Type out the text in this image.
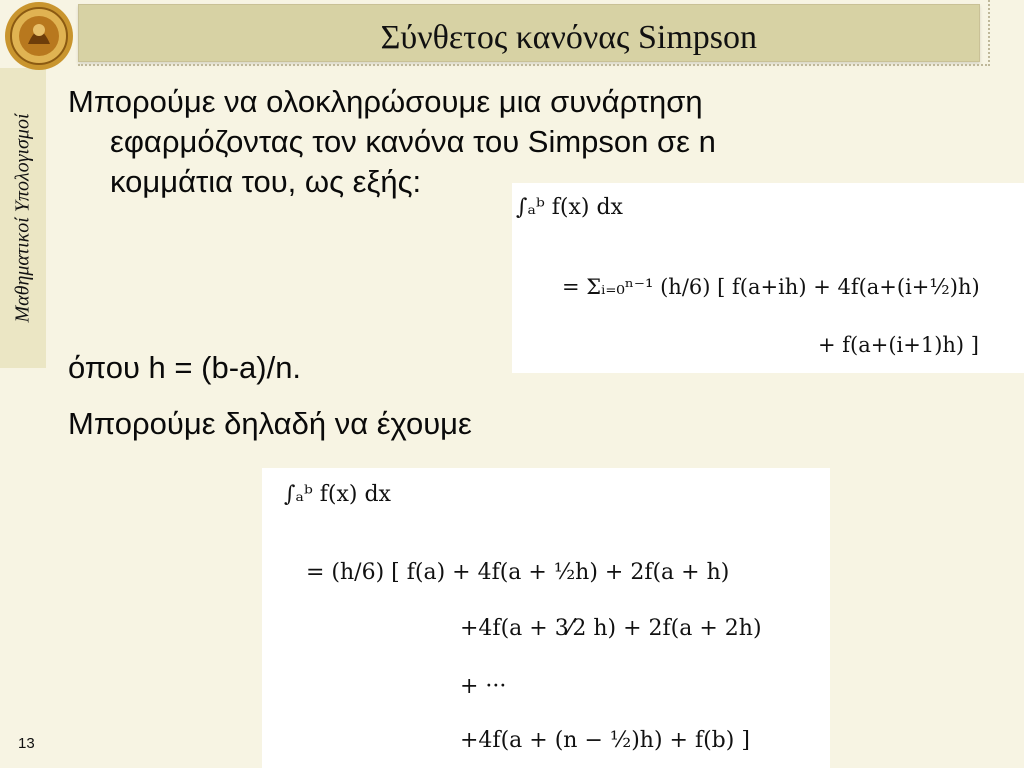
Μαθηματικοί Υπολογισμοί
Σύνθετος κανόνας Simpson
Μπορούμε να ολοκληρώσουμε μια συνάρτηση
εφαρμόζοντας τον κανόνα του Simpson σε n
κομμάτια του, ως εξής:
∫ₐᵇ f(x) dx
= Σᵢ₌₀ⁿ⁻¹ (h/6) [ f(a+ih) + 4f(a+(i+½)h)
+ f(a+(i+1)h) ]
όπου h = (b-a)/n.
Μπορούμε δηλαδή να έχουμε
∫ₐᵇ f(x) dx
= (h/6) [ f(a) + 4f(a + ½h) + 2f(a + h)
+4f(a + 3⁄2 h) + 2f(a + 2h)
+ ···
+4f(a + (n − ½)h) + f(b) ]
13
